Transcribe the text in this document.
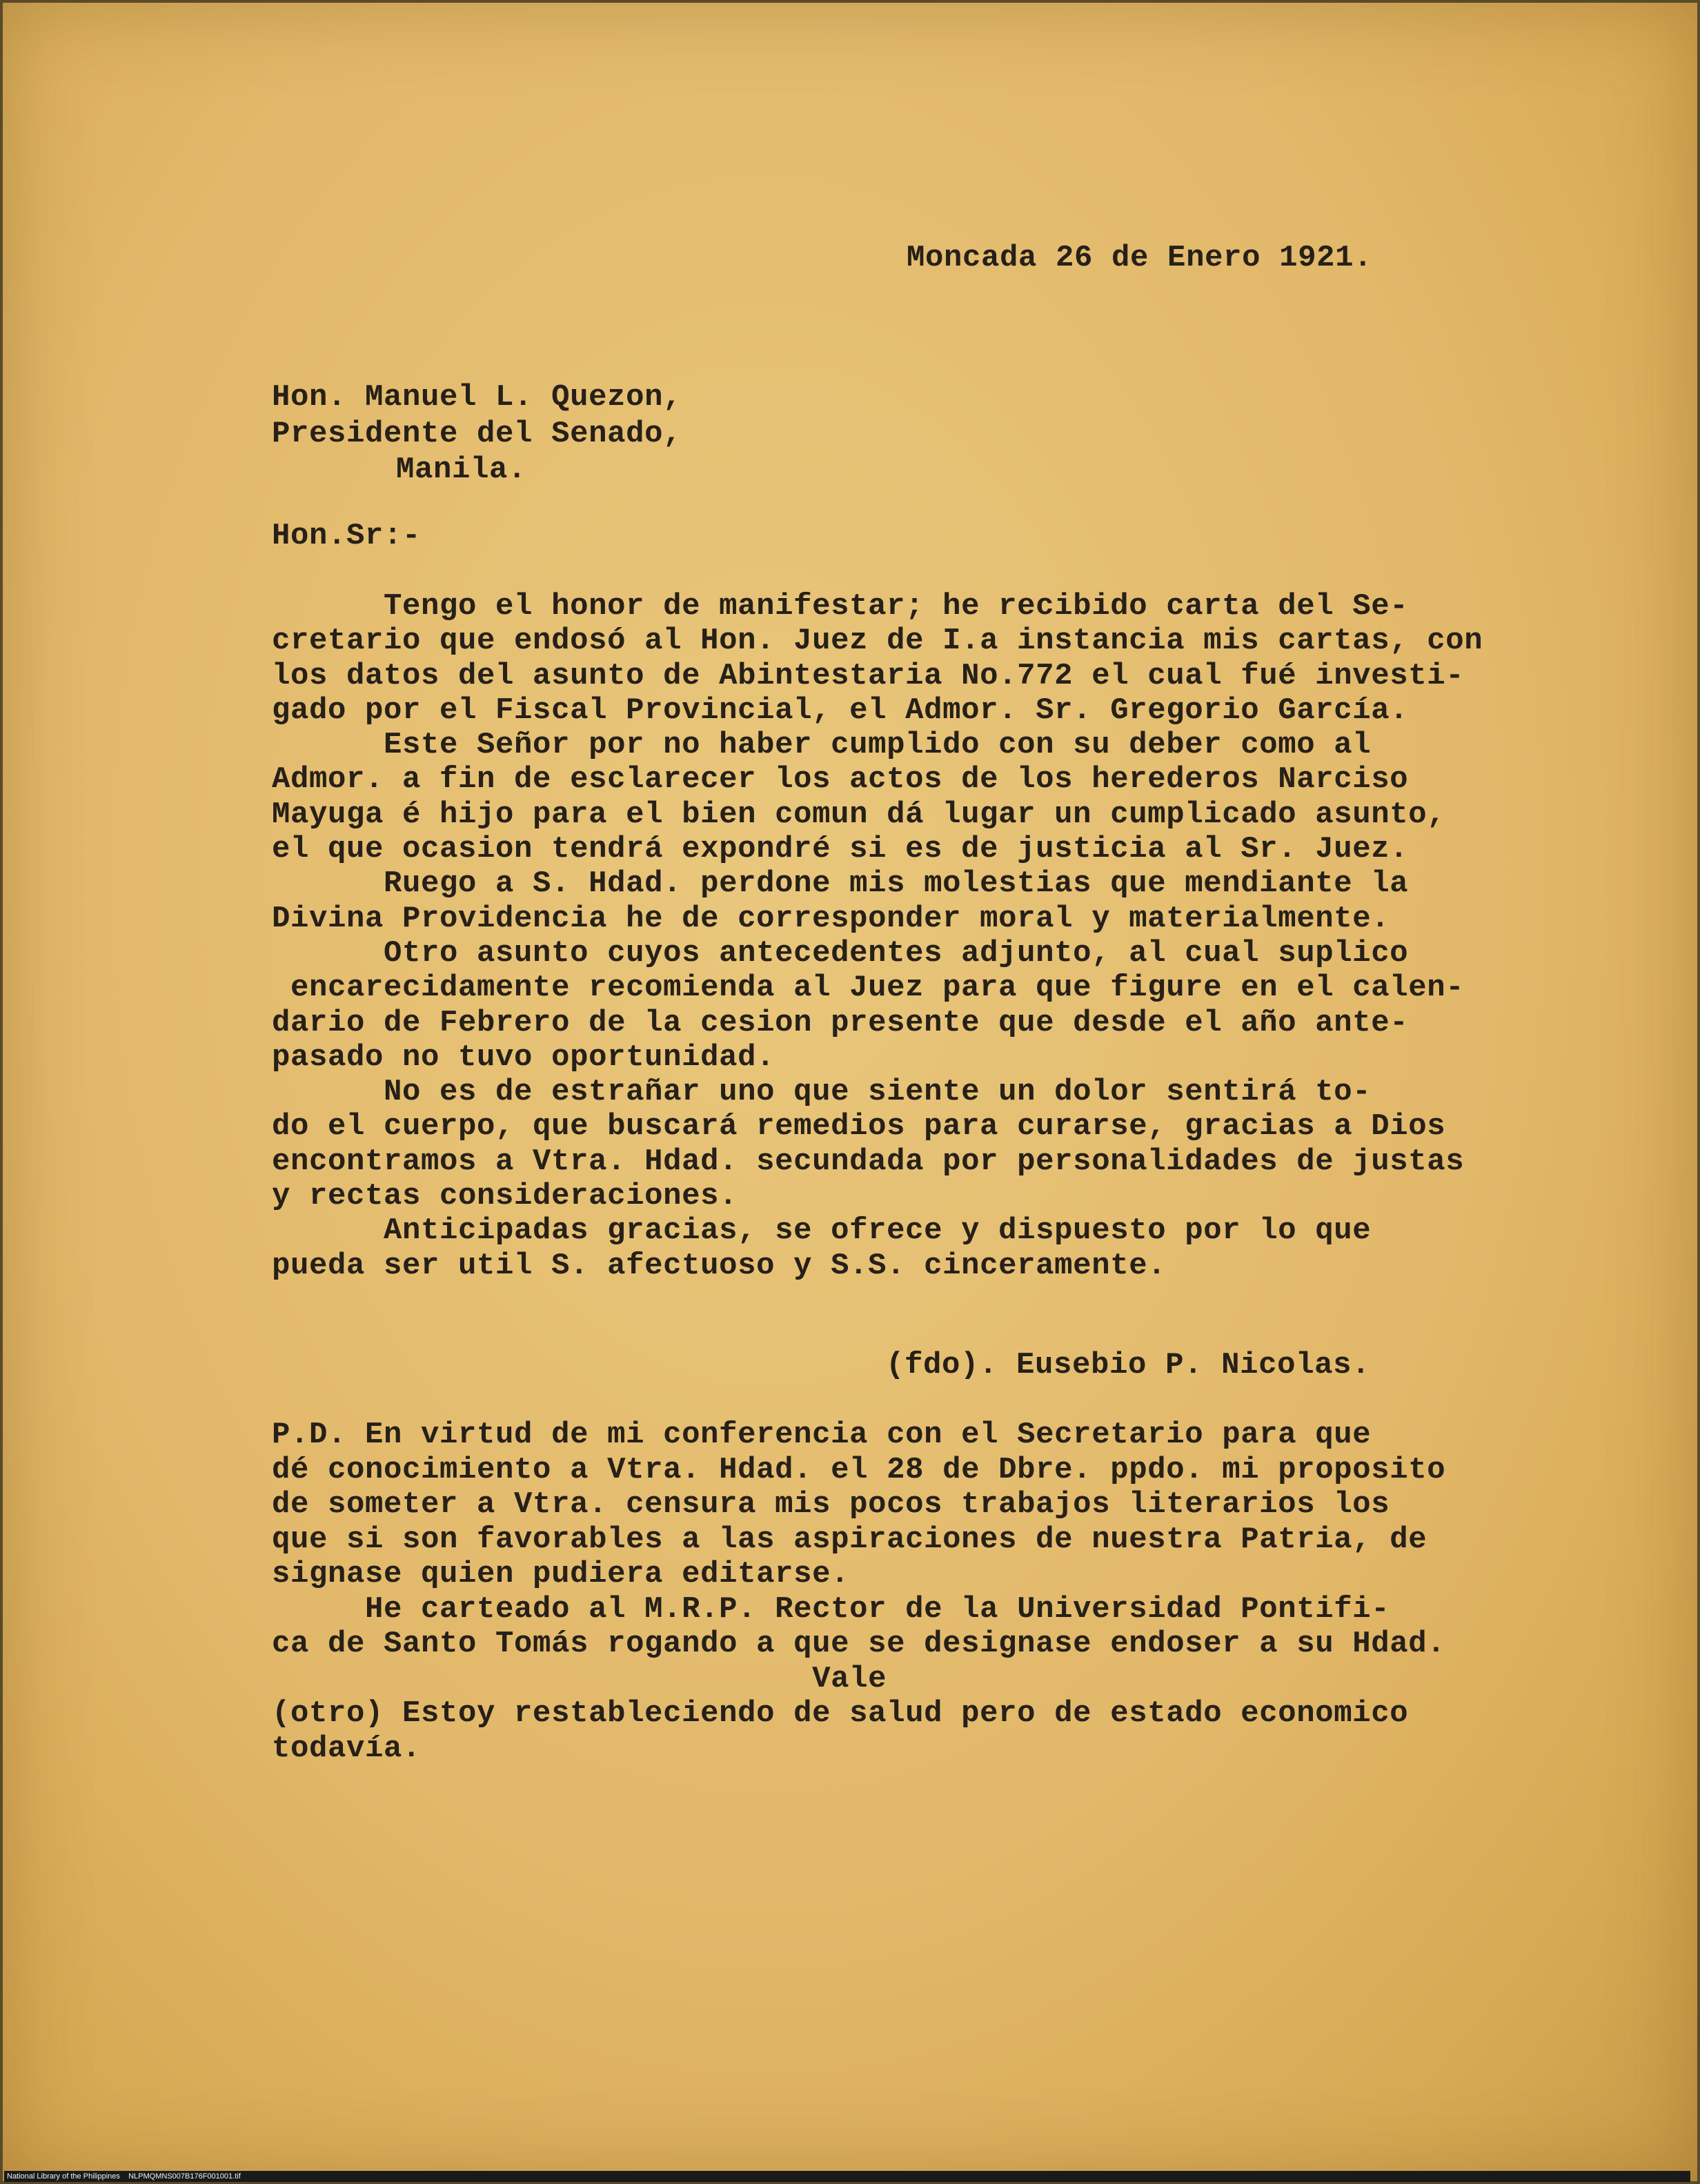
Moncada 26 de Enero 1921.
Hon. Manuel L. Quezon,
Presidente del Senado,
Manila.
Hon.Sr:-
Tengo el honor de manifestar; he recibido carta del Se-
cretario que endosó al Hon. Juez de I.a instancia mis cartas, con
los datos del asunto de Abintestaria No.772 el cual fué investi-
gado por el Fiscal Provincial, el Admor. Sr. Gregorio García.
Este Señor por no haber cumplido con su deber como al
Admor. a fin de esclarecer los actos de los herederos Narciso
Mayuga é hijo para el bien comun dá lugar un cumplicado asunto,
el que ocasion tendrá expondré si es de justicia al Sr. Juez.
Ruego a S. Hdad. perdone mis molestias que mendiante la
Divina Providencia he de corresponder moral y materialmente.
Otro asunto cuyos antecedentes adjunto, al cual suplico
encarecidamente recomienda al Juez para que figure en el calen-
dario de Febrero de la cesion presente que desde el año ante-
pasado no tuvo oportunidad.
No es de estrañar uno que siente un dolor sentirá to-
do el cuerpo, que buscará remedios para curarse, gracias a Dios
encontramos a Vtra. Hdad. secundada por personalidades de justas
y rectas consideraciones.
Anticipadas gracias, se ofrece y dispuesto por lo que
pueda ser util S. afectuoso y S.S. cinceramente.
(fdo). Eusebio P. Nicolas.
P.D. En virtud de mi conferencia con el Secretario para que
dé conocimiento a Vtra. Hdad. el 28 de Dbre. ppdo. mi proposito
de someter a Vtra. censura mis pocos trabajos literarios los
que si son favorables a las aspiraciones de nuestra Patria, de
signase quien pudiera editarse.
He carteado al M.R.P. Rector de la Universidad Pontifi-
ca de Santo Tomás rogando a que se designase endoser a su Hdad.
Vale
(otro) Estoy restableciendo de salud pero de estado economico
todavía.
National Library of the Philippines NLPMQMNS007B176F001001.tif
